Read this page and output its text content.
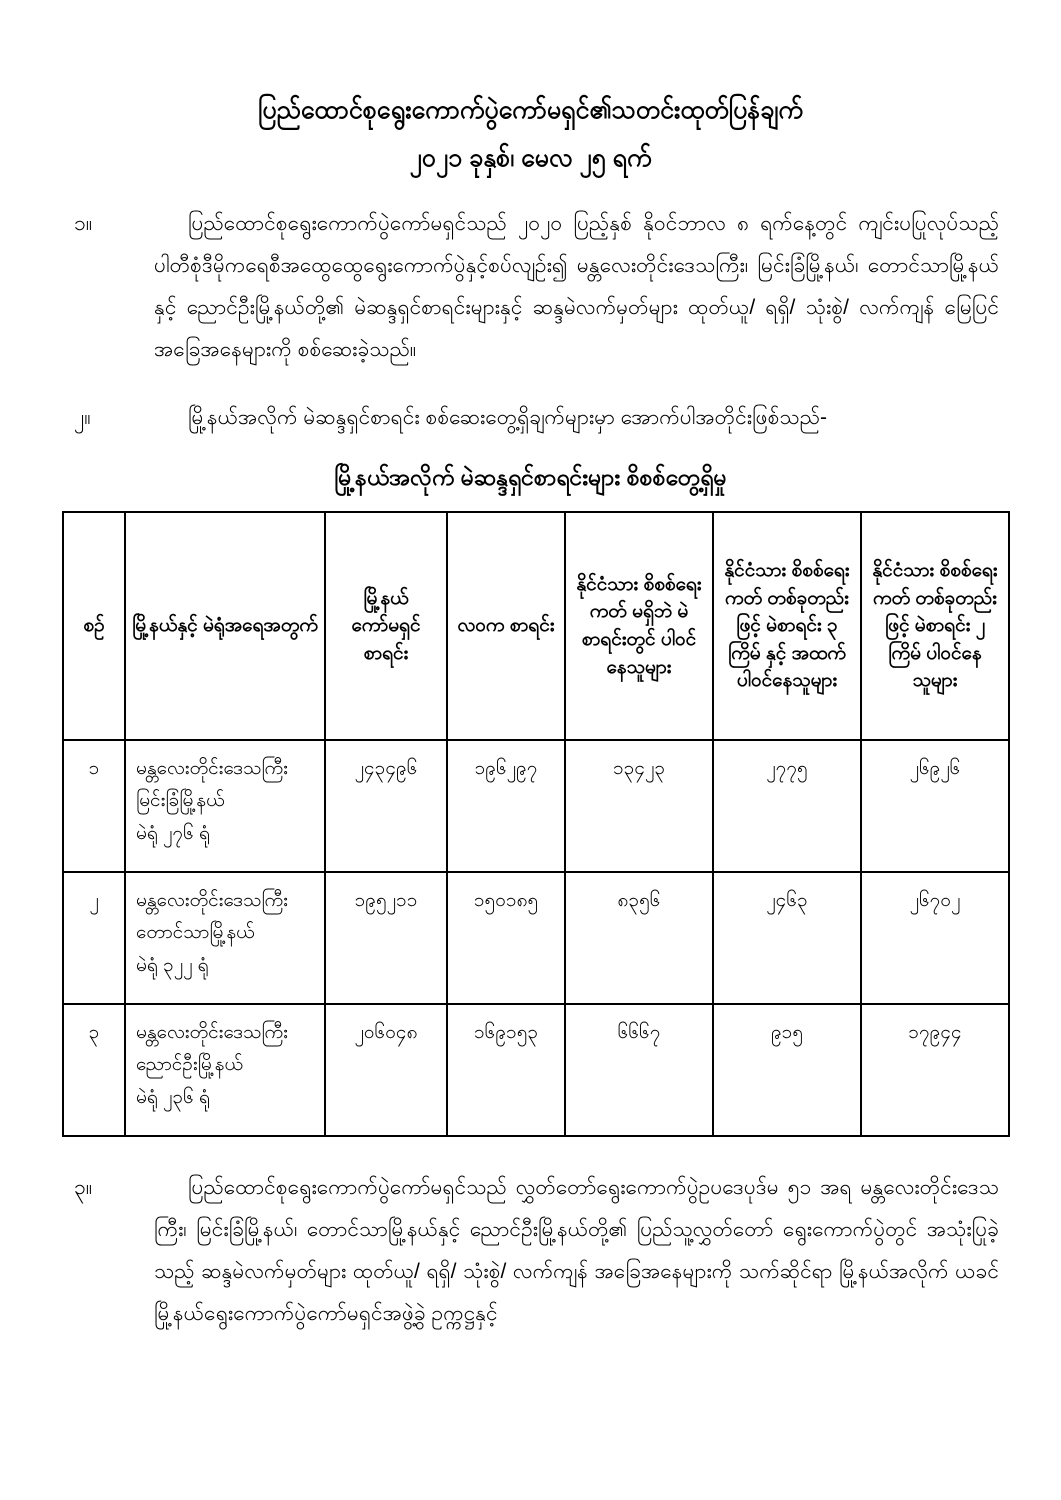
ပြည်ထောင်စုရွေးကောက်ပွဲကော်မရှင်၏သတင်းထုတ်ပြန်ချက်
၂၀၂၁ ခုနှစ်၊ မေလ ၂၅ ရက်
၁။	ပြည်ထောင်စုရွေးကောက်ပွဲကော်မရှင်သည် ၂၀၂၀ ပြည့်နှစ် နိုဝင်ဘာလ ၈ ရက်နေ့တွင် ကျင်းပပြုလုပ်သည့် ပါတီစုံဒီမိုကရေစီအထွေထွေရွေးကောက်ပွဲနှင့်စပ်လျဉ်း၍ မန္တလေးတိုင်းဒေသကြီး၊ မြင်းခြံမြို့နယ်၊ တောင်သာမြို့နယ်နှင့် ညောင်ဦးမြို့နယ်တို့၏ မဲဆန္ဒရှင်စာရင်းများနှင့် ဆန္ဒမဲလက်မှတ်များ ထုတ်ယူ/ ရရှိ/ သုံးစွဲ/ လက်ကျန် မြေပြင်အခြေအနေများကို စစ်ဆေးခဲ့သည်။
၂။	မြို့နယ်အလိုက် မဲဆန္ဒရှင်စာရင်း စစ်ဆေးတွေ့ရှိချက်များမှာ အောက်ပါအတိုင်းဖြစ်သည်-
မြို့နယ်အလိုက် မဲဆန္ဒရှင်စာရင်းများ စိစစ်တွေ့ရှိမှု
စဉ်	မြို့နယ်နှင့် မဲရုံအရေအတွက်	မြို့နယ် ကော်မရှင် စာရင်း	လဝက စာရင်း	နိုင်ငံသား စိစစ်ရေးကတ် မရှိဘဲ မဲစာရင်းတွင် ပါဝင်နေသူများ	နိုင်ငံသား စိစစ်ရေးကတ် တစ်ခုတည်းဖြင့် မဲစာရင်း ၃ ကြိမ် နှင့် အထက် ပါဝင်နေသူများ	နိုင်ငံသား စိစစ်ရေးကတ် တစ်ခုတည်းဖြင့် မဲစာရင်း ၂ ကြိမ် ပါဝင်နေသူများ
၁	မန္တလေးတိုင်းဒေသကြီး
မြင်းခြံမြို့နယ်
မဲရုံ ၂၇၆ ရုံ	၂၄၃၄၉၆	၁၉၆၂၉၇	၁၃၄၂၃	၂၇၇၅	၂၆၉၂၆
၂	မန္တလေးတိုင်းဒေသကြီး
တောင်သာမြို့နယ်
မဲရုံ ၃၂၂ ရုံ	၁၉၅၂၁၁	၁၅၀၁၈၅	၈၃၅၆	၂၄၆၃	၂၆၇၀၂
၃	မန္တလေးတိုင်းဒေသကြီး
ညောင်ဦးမြို့နယ်
မဲရုံ ၂၃၆ ရုံ	၂၀၆၀၄၈	၁၆၉၁၅၃	၆၆၆၇	၉၁၅	၁၇၉၄၄
၃။	ပြည်ထောင်စုရွေးကောက်ပွဲကော်မရှင်သည် လွှတ်တော်ရွေးကောက်ပွဲဥပဒေပုဒ်မ ၅၁ အရ မန္တလေးတိုင်းဒေသကြီး၊ မြင်းခြံမြို့နယ်၊ တောင်သာမြို့နယ်နှင့် ညောင်ဦးမြို့နယ်တို့၏ ပြည်သူ့လွှတ်တော် ရွေးကောက်ပွဲတွင် အသုံးပြုခဲ့သည့် ဆန္ဒမဲလက်မှတ်များ ထုတ်ယူ/ ရရှိ/ သုံးစွဲ/ လက်ကျန် အခြေအနေများကို သက်ဆိုင်ရာ မြို့နယ်အလိုက် ယခင် မြို့နယ်ရွေးကောက်ပွဲကော်မရှင်အဖွဲ့ခွဲ ဥက္ကဋ္ဌနှင့်
